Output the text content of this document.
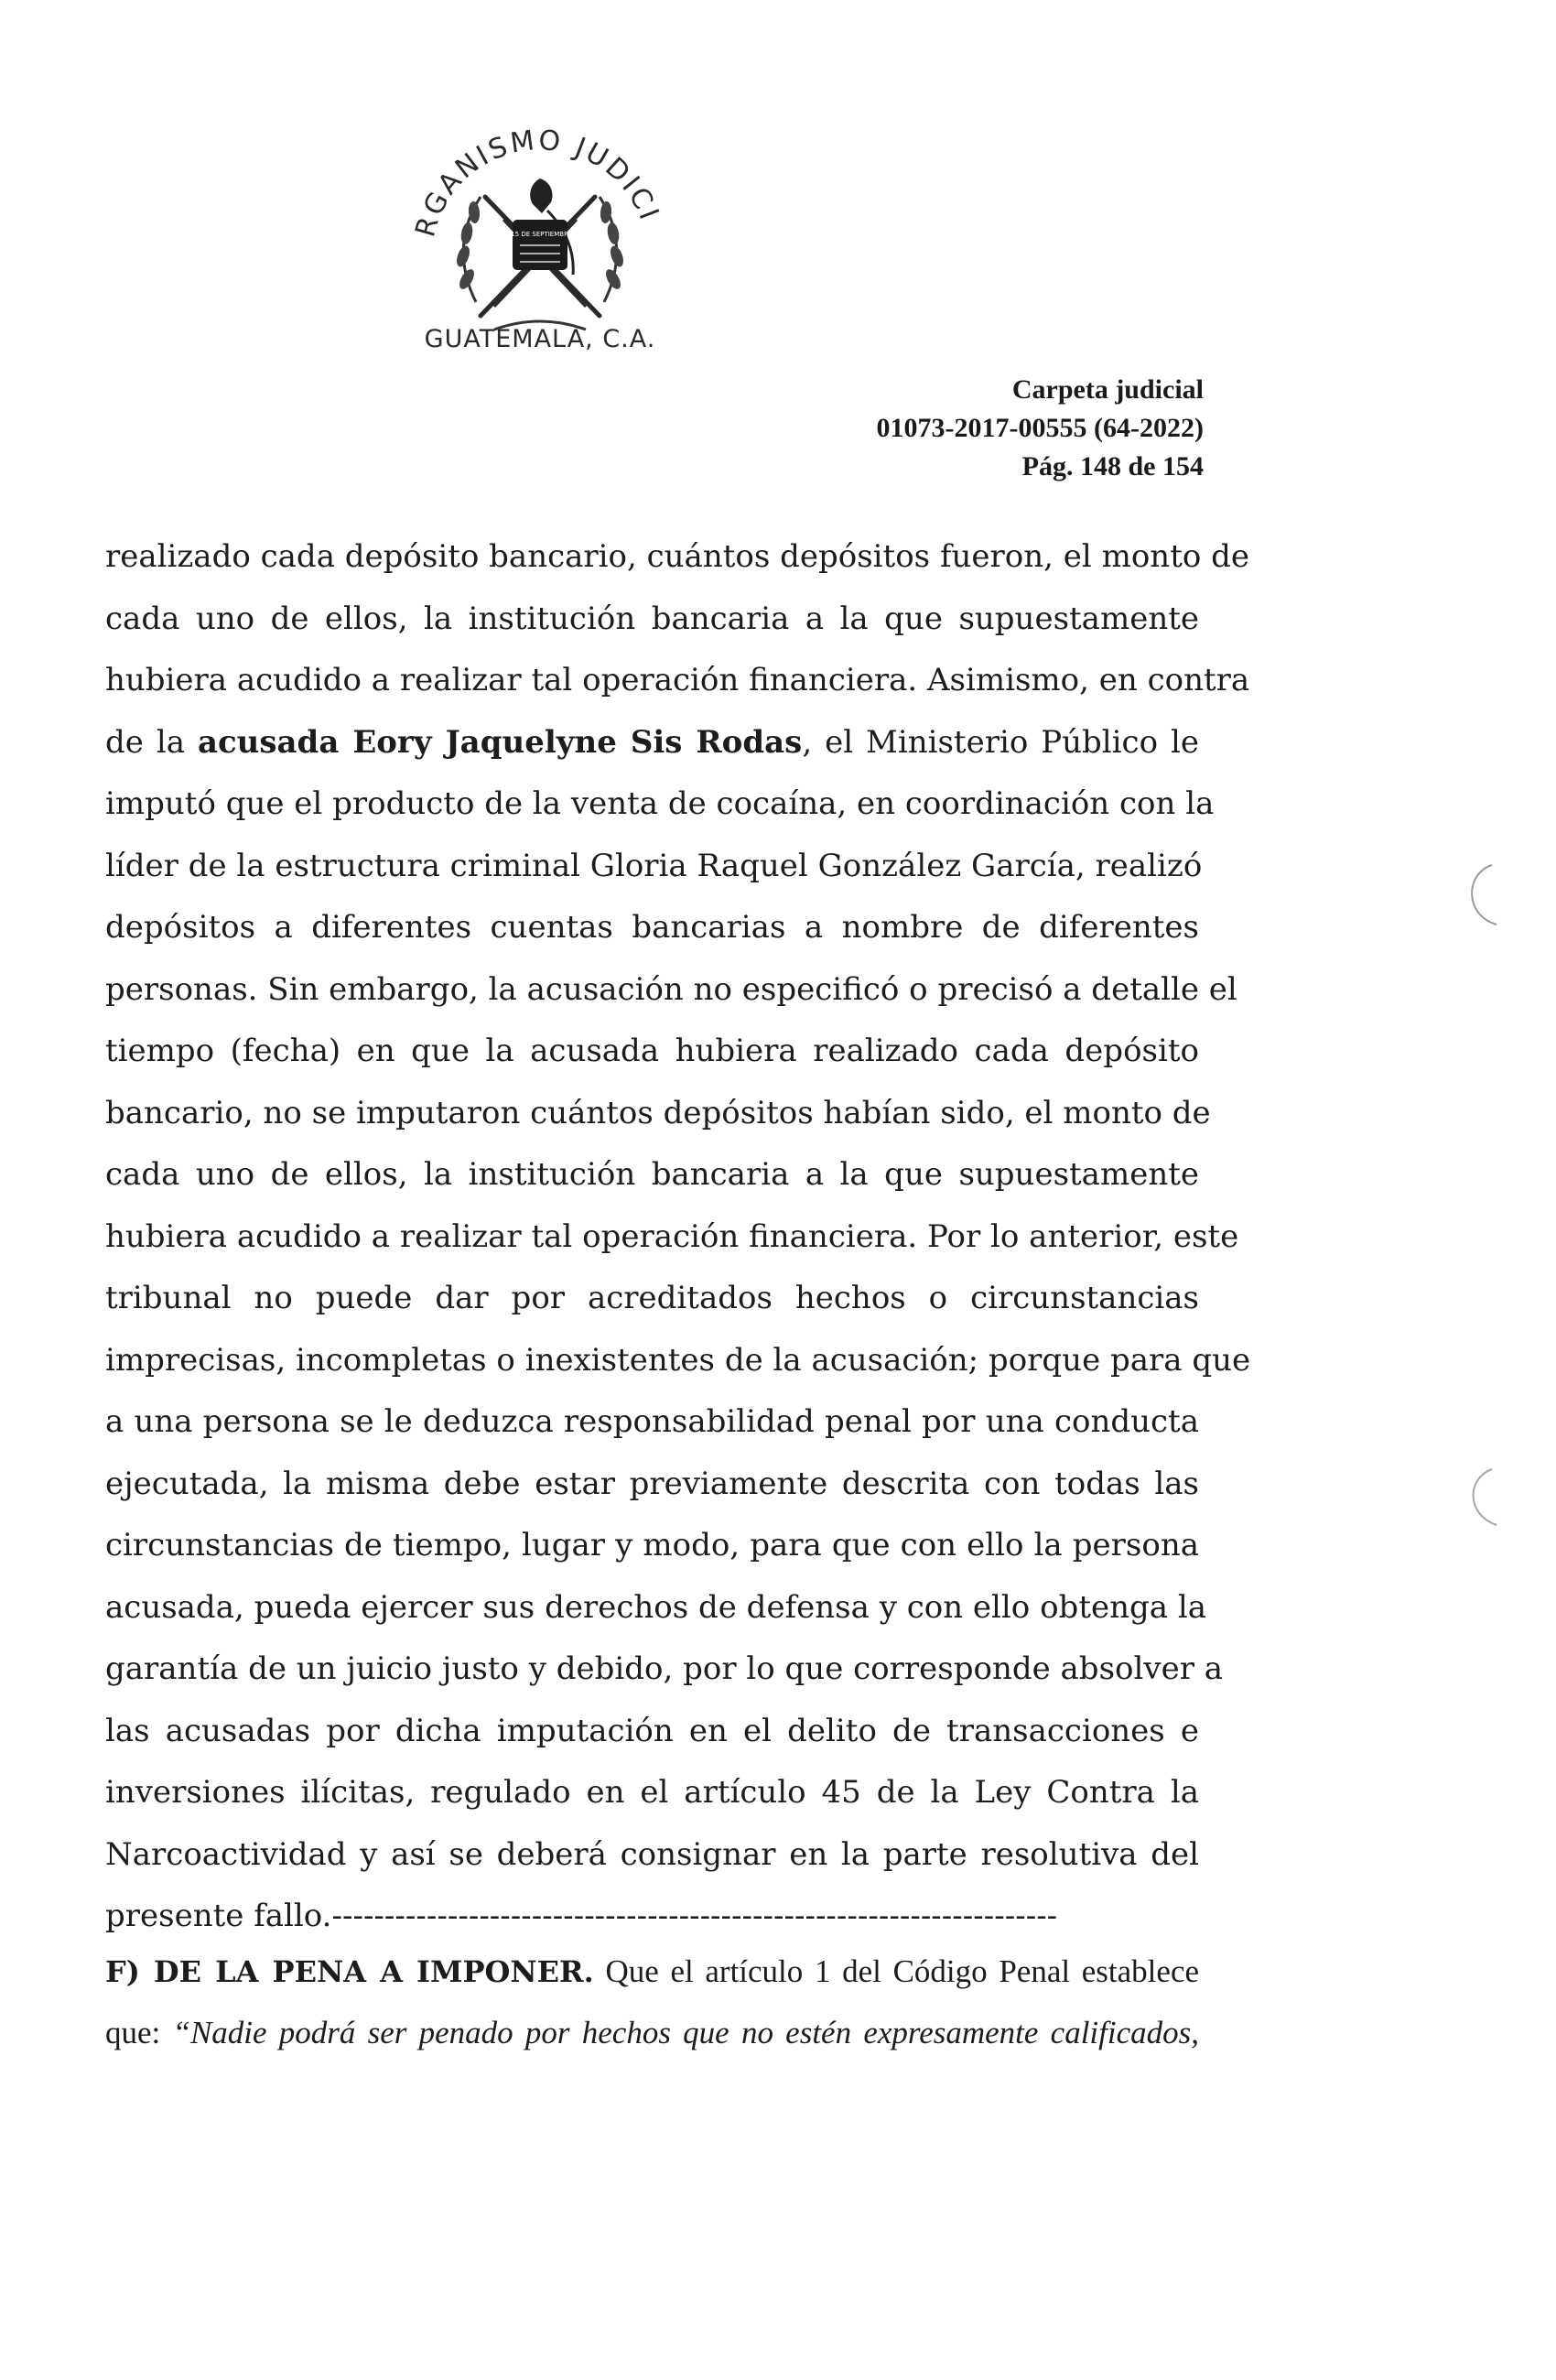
RGANISMO JUDICI
LIBERTAD 15 DE SEPTIEMBRE DE 1821
GUATEMALA, C.A.
Carpeta judicial
01073-2017-00555 (64-2022)
Pág. 148 de 154
realizado cada depósito bancario, cuántos depósitos fueron, el monto de
cada uno de ellos, la institución bancaria a la que supuestamente
hubiera acudido a realizar tal operación financiera. Asimismo, en contra
de la acusada Eory Jaquelyne Sis Rodas, el Ministerio Público le
imputó que el producto de la venta de cocaína, en coordinación con la
líder de la estructura criminal Gloria Raquel González García, realizó
depósitos a diferentes cuentas bancarias a nombre de diferentes
personas. Sin embargo, la acusación no especificó o precisó a detalle el
tiempo (fecha) en que la acusada hubiera realizado cada depósito
bancario, no se imputaron cuántos depósitos habían sido, el monto de
cada uno de ellos, la institución bancaria a la que supuestamente
hubiera acudido a realizar tal operación financiera. Por lo anterior, este
tribunal no puede dar por acreditados hechos o circunstancias
imprecisas, incompletas o inexistentes de la acusación; porque para que
a una persona se le deduzca responsabilidad penal por una conducta
ejecutada, la misma debe estar previamente descrita con todas las
circunstancias de tiempo, lugar y modo, para que con ello la persona
acusada, pueda ejercer sus derechos de defensa y con ello obtenga la
garantía de un juicio justo y debido, por lo que corresponde absolver a
las acusadas por dicha imputación en el delito de transacciones e
inversiones ilícitas, regulado en el artículo 45 de la Ley Contra la
Narcoactividad y así se deberá consignar en la parte resolutiva del
presente fallo.---------------------------------------------------------------------
F) DE LA PENA A IMPONER. Que el artículo 1 del Código Penal establece
que: “Nadie podrá ser penado por hechos que no estén expresamente calificados,
